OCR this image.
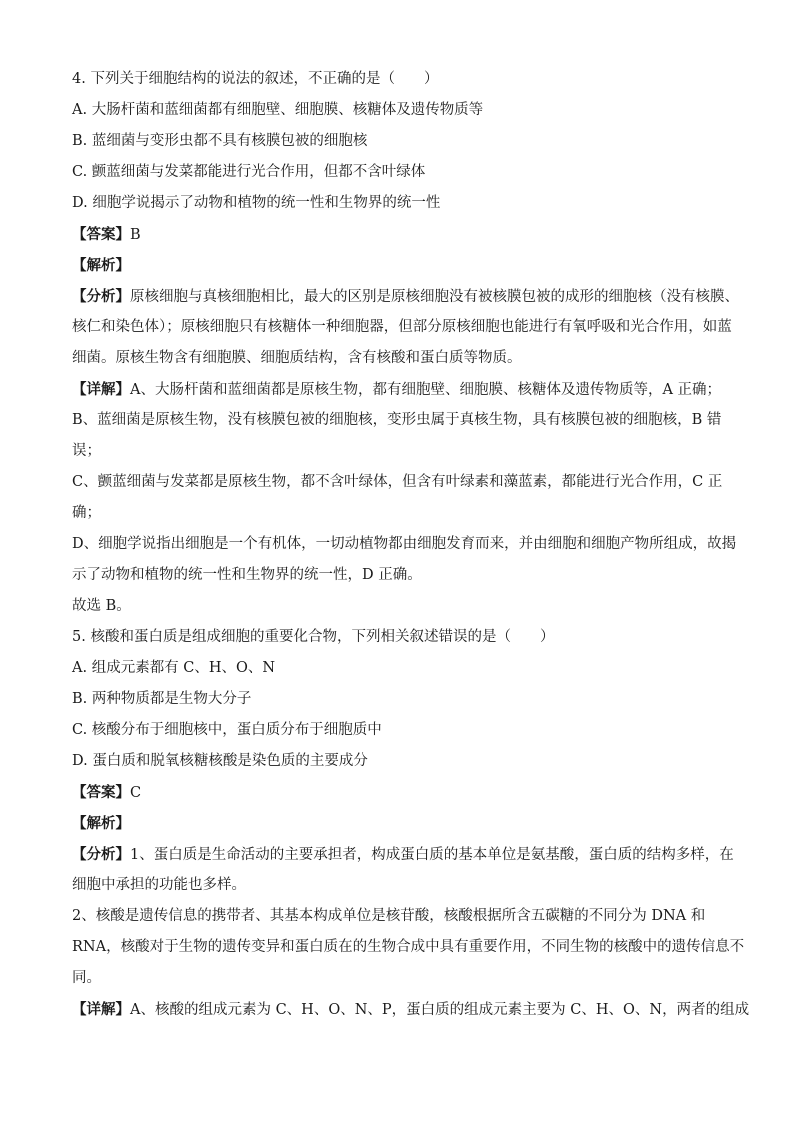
4. 下列关于细胞结构的说法的叙述，不正确的是（　　）
A. 大肠杆菌和蓝细菌都有细胞壁、细胞膜、核糖体及遗传物质等
B. 蓝细菌与变形虫都不具有核膜包被的细胞核
C. 颤蓝细菌与发菜都能进行光合作用，但都不含叶绿体
D. 细胞学说揭示了动物和植物的统一性和生物界的统一性
【答案】B
【解析】
【分析】原核细胞与真核细胞相比，最大的区别是原核细胞没有被核膜包被的成形的细胞核（没有核膜、
核仁和染色体）；原核细胞只有核糖体一种细胞器，但部分原核细胞也能进行有氧呼吸和光合作用，如蓝
细菌。原核生物含有细胞膜、细胞质结构，含有核酸和蛋白质等物质。
【详解】A、大肠杆菌和蓝细菌都是原核生物，都有细胞壁、细胞膜、核糖体及遗传物质等，A 正确；
B、蓝细菌是原核生物，没有核膜包被的细胞核，变形虫属于真核生物，具有核膜包被的细胞核，B 错
误；
C、颤蓝细菌与发菜都是原核生物，都不含叶绿体，但含有叶绿素和藻蓝素，都能进行光合作用，C 正
确；
D、细胞学说指出细胞是一个有机体，一切动植物都由细胞发育而来，并由细胞和细胞产物所组成，故揭
示了动物和植物的统一性和生物界的统一性，D 正确。
故选 B。
5. 核酸和蛋白质是组成细胞的重要化合物，下列相关叙述错误的是（　　）
A. 组成元素都有 C、H、O、N
B. 两种物质都是生物大分子
C. 核酸分布于细胞核中，蛋白质分布于细胞质中
D. 蛋白质和脱氧核糖核酸是染色质的主要成分
【答案】C
【解析】
【分析】1、蛋白质是生命活动的主要承担者，构成蛋白质的基本单位是氨基酸，蛋白质的结构多样，在
细胞中承担的功能也多样。
2、核酸是遗传信息的携带者、其基本构成单位是核苷酸，核酸根据所含五碳糖的不同分为 DNA 和
RNA，核酸对于生物的遗传变异和蛋白质在的生物合成中具有重要作用，不同生物的核酸中的遗传信息不
同。
【详解】A、核酸的组成元素为 C、H、O、N、P，蛋白质的组成元素主要为 C、H、O、N，两者的组成
